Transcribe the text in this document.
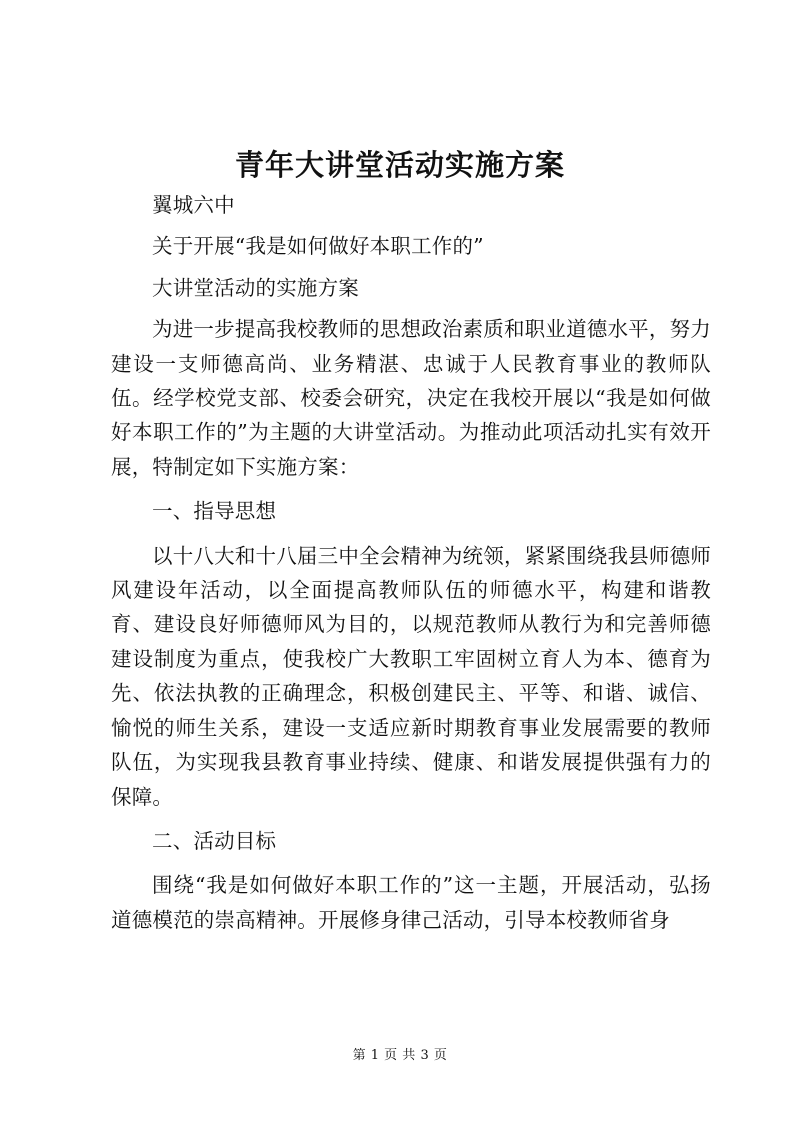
青年大讲堂活动实施方案

翼城六中

关于开展“我是如何做好本职工作的”

大讲堂活动的实施方案

为进一步提高我校教师的思想政治素质和职业道德水平，努力建设一支师德高尚、业务精湛、忠诚于人民教育事业的教师队伍。经学校党支部、校委会研究，决定在我校开展以“我是如何做好本职工作的”为主题的大讲堂活动。为推动此项活动扎实有效开展，特制定如下实施方案：

一、指导思想

以十八大和十八届三中全会精神为统领，紧紧围绕我县师德师风建设年活动，以全面提高教师队伍的师德水平，构建和谐教育、建设良好师德师风为目的，以规范教师从教行为和完善师德建设制度为重点，使我校广大教职工牢固树立育人为本、德育为先、依法执教的正确理念，积极创建民主、平等、和谐、诚信、愉悦的师生关系，建设一支适应新时期教育事业发展需要的教师队伍，为实现我县教育事业持续、健康、和谐发展提供强有力的保障。

二、活动目标

围绕“我是如何做好本职工作的”这一主题，开展活动，弘扬道德模范的崇高精神。开展修身律己活动，引导本校教师省身

第 1 页 共 3 页
